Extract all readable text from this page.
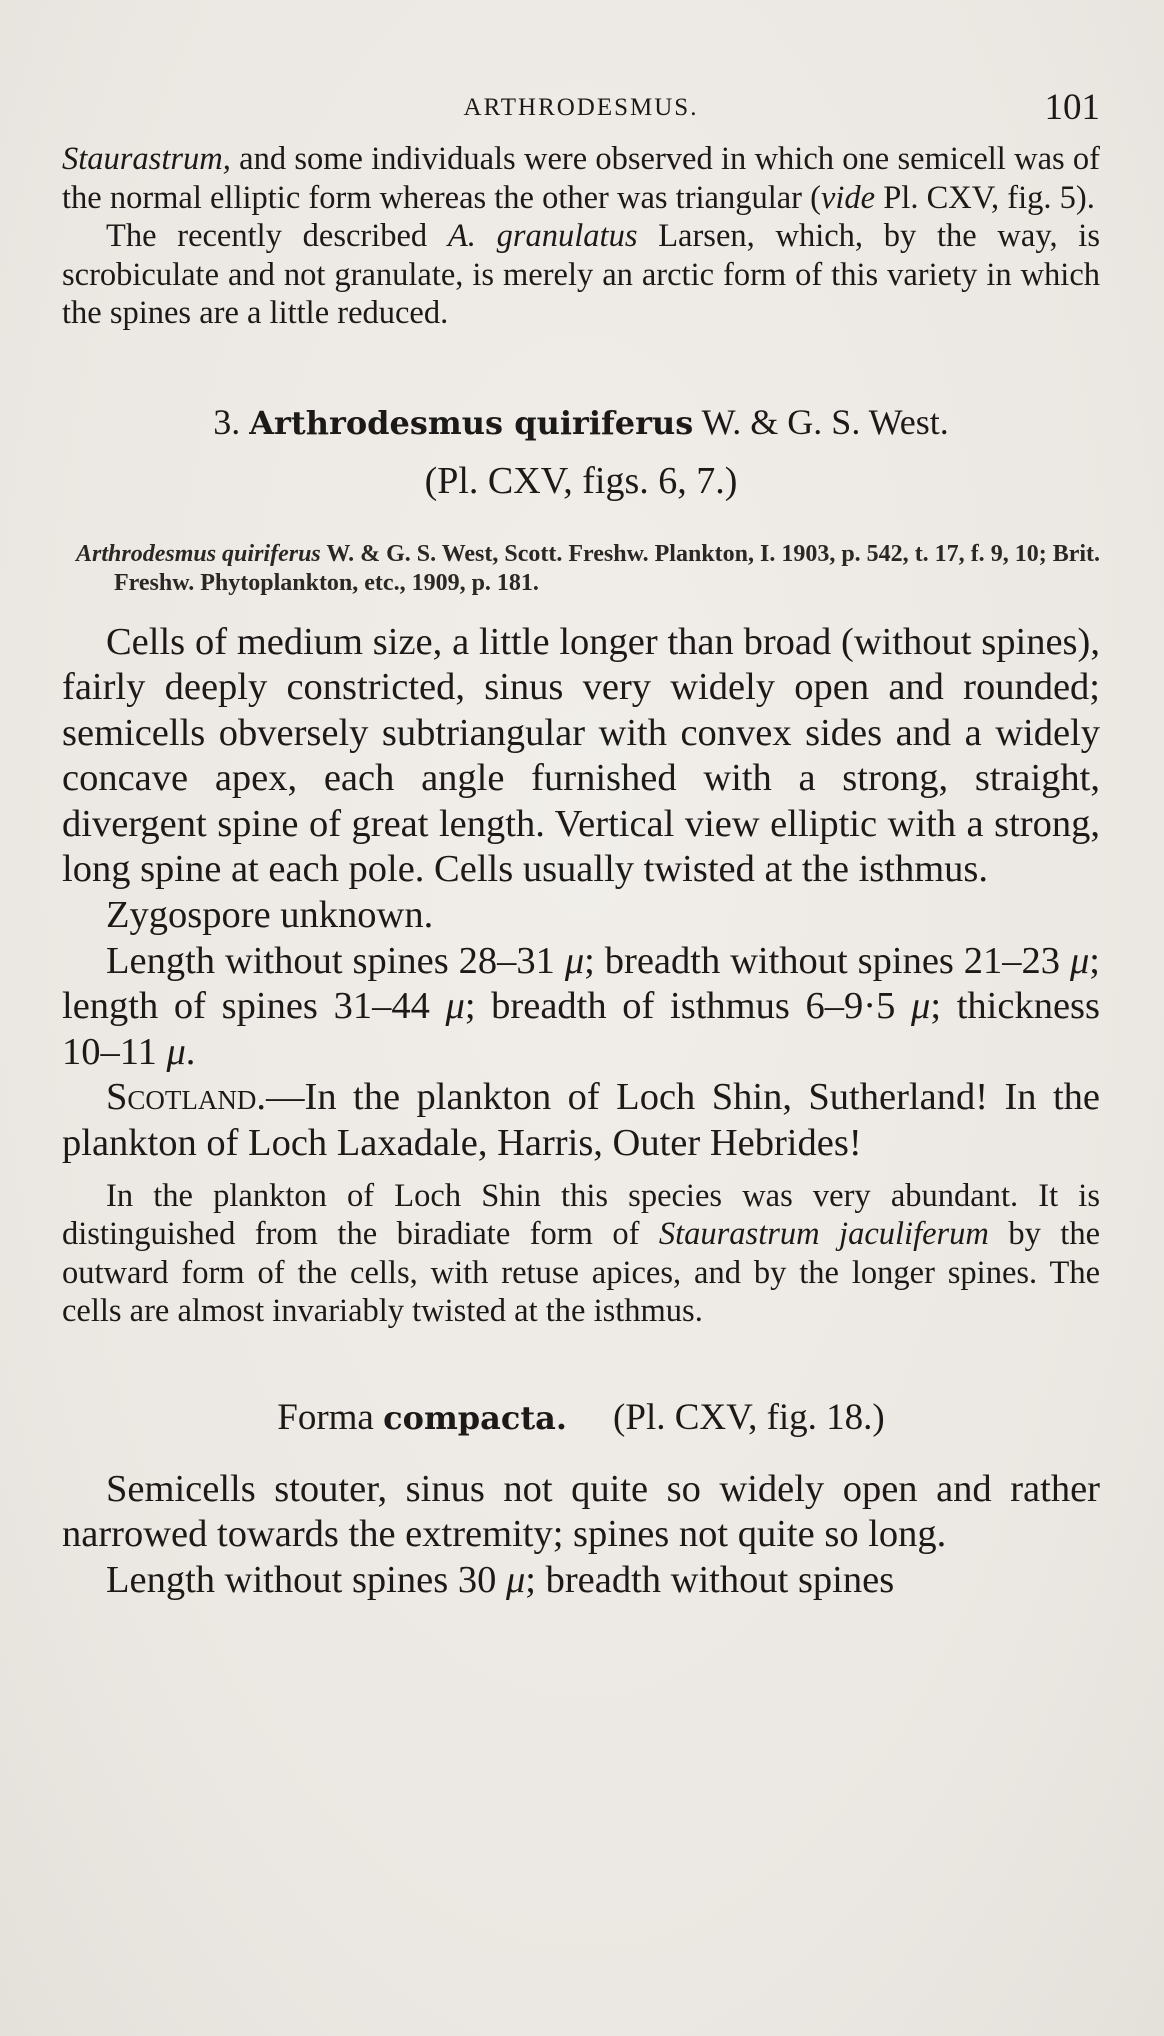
ARTHRODESMUS.	101

Staurastrum, and some individuals were observed in which one semicell was of the normal elliptic form whereas the other was triangular (vide Pl. CXV, fig. 5).

The recently described A. granulatus Larsen, which, by the way, is scrobiculate and not granulate, is merely an arctic form of this variety in which the spines are a little reduced.

3. Arthrodesmus quiriferus W. & G. S. West.
(Pl. CXV, figs. 6, 7.)

Arthrodesmus quiriferus W. & G. S. West, Scott. Freshw. Plankton, I. 1903, p. 542, t. 17, f. 9, 10; Brit. Freshw. Phytoplankton, etc., 1909, p. 181.

Cells of medium size, a little longer than broad (without spines), fairly deeply constricted, sinus very widely open and rounded; semicells obversely subtriangular with convex sides and a widely concave apex, each angle furnished with a strong, straight, divergent spine of great length. Vertical view elliptic with a strong, long spine at each pole. Cells usually twisted at the isthmus.

Zygospore unknown.

Length without spines 28–31 μ; breadth without spines 21–23 μ; length of spines 31–44 μ; breadth of isthmus 6–9·5 μ; thickness 10–11 μ.

Scotland.—In the plankton of Loch Shin, Sutherland! In the plankton of Loch Laxadale, Harris, Outer Hebrides!

In the plankton of Loch Shin this species was very abundant. It is distinguished from the biradiate form of Staurastrum jaculiferum by the outward form of the cells, with retuse apices, and by the longer spines. The cells are almost invariably twisted at the isthmus.

Forma compacta. (Pl. CXV, fig. 18.)

Semicells stouter, sinus not quite so widely open and rather narrowed towards the extremity; spines not quite so long.

Length without spines 30 μ; breadth without spines
